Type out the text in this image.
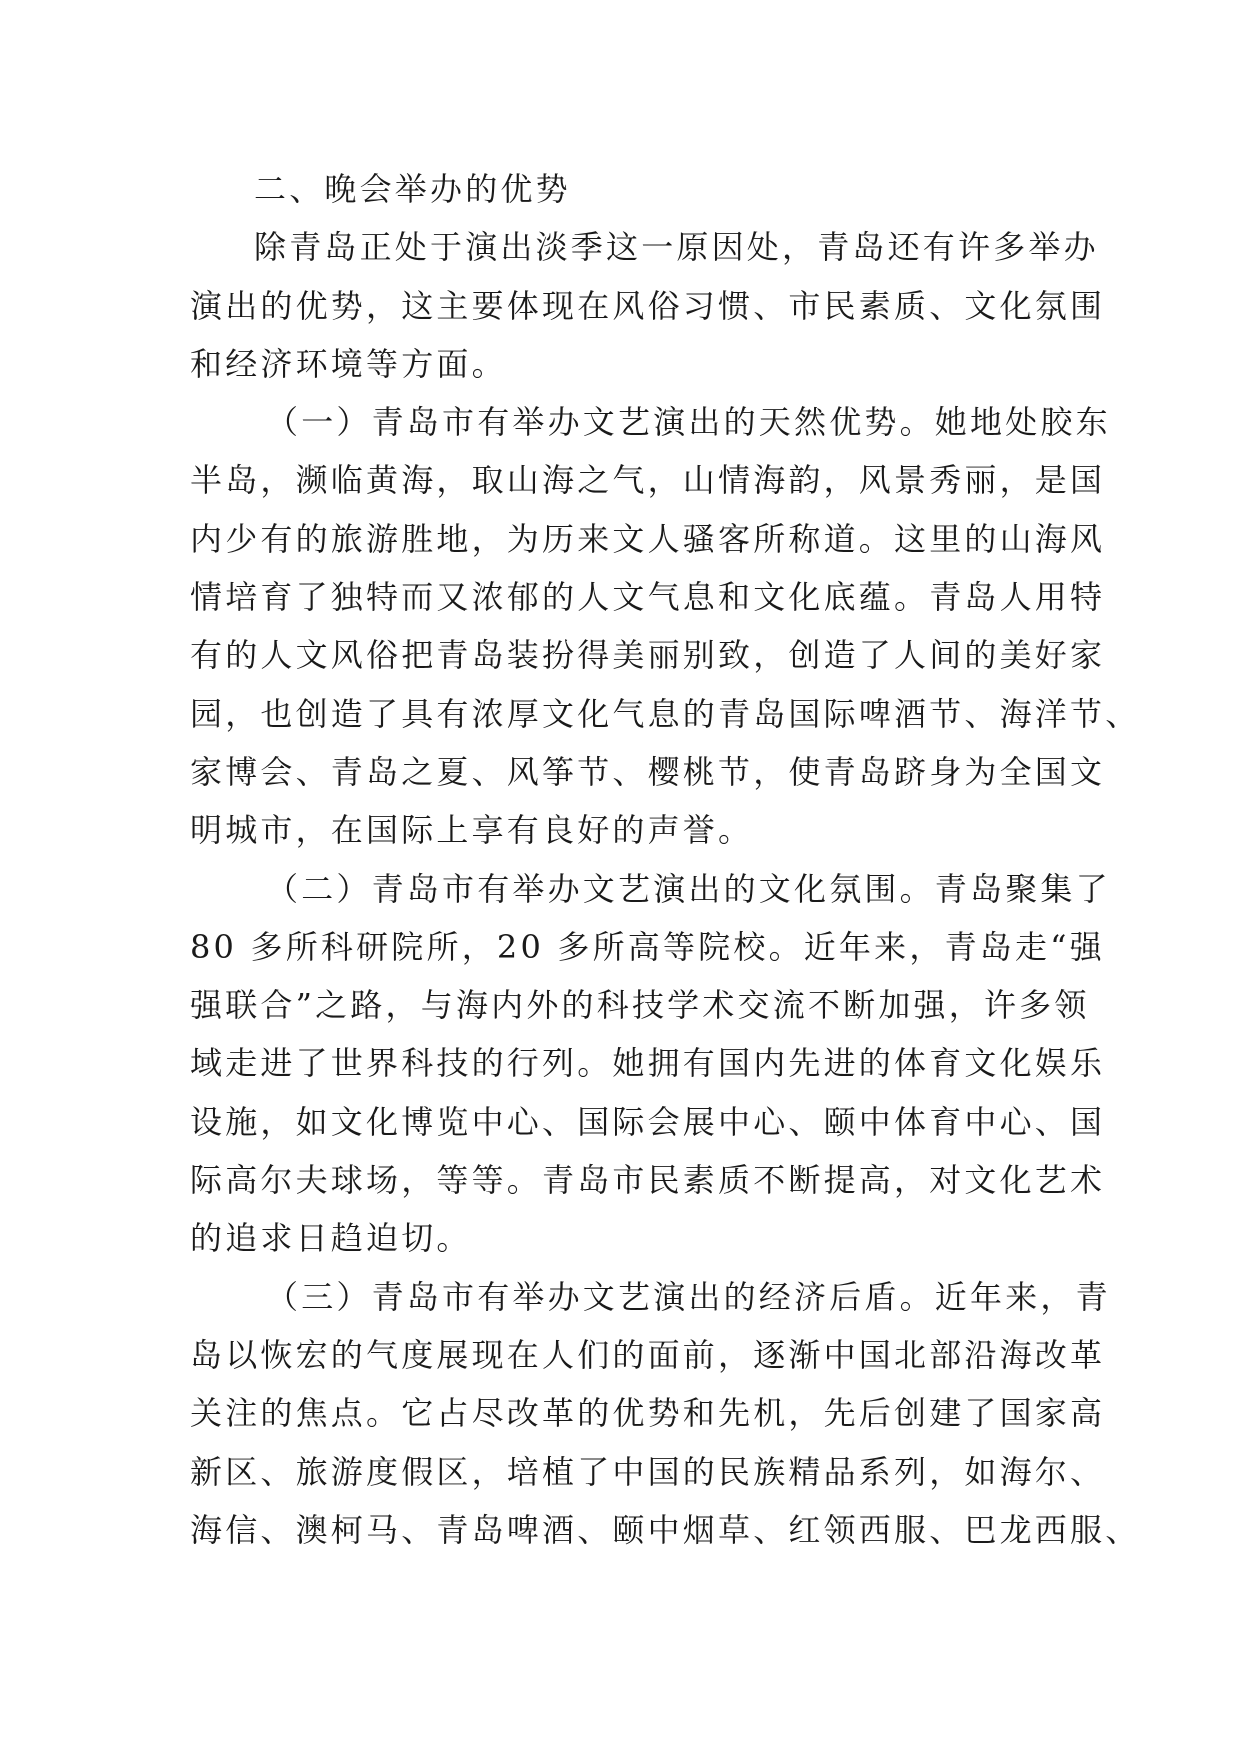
二、晚会举办的优势
除青岛正处于演出淡季这一原因处，青岛还有许多举办
演出的优势，这主要体现在风俗习惯、市民素质、文化氛围
和经济环境等方面。
（一）青岛市有举办文艺演出的天然优势。她地处胶东
半岛，濒临黄海，取山海之气，山情海韵，风景秀丽，是国
内少有的旅游胜地，为历来文人骚客所称道。这里的山海风
情培育了独特而又浓郁的人文气息和文化底蕴。青岛人用特
有的人文风俗把青岛装扮得美丽别致，创造了人间的美好家
园，也创造了具有浓厚文化气息的青岛国际啤酒节、海洋节、
家博会、青岛之夏、风筝节、樱桃节，使青岛跻身为全国文
明城市，在国际上享有良好的声誉。
（二）青岛市有举办文艺演出的文化氛围。青岛聚集了
80 多所科研院所，20 多所高等院校。近年来，青岛走“强
强联合”之路，与海内外的科技学术交流不断加强，许多领
域走进了世界科技的行列。她拥有国内先进的体育文化娱乐
设施，如文化博览中心、国际会展中心、颐中体育中心、国
际高尔夫球场，等等。青岛市民素质不断提高，对文化艺术
的追求日趋迫切。
（三）青岛市有举办文艺演出的经济后盾。近年来，青
岛以恢宏的气度展现在人们的面前，逐渐中国北部沿海改革
关注的焦点。它占尽改革的优势和先机，先后创建了国家高
新区、旅游度假区，培植了中国的民族精品系列，如海尔、
海信、澳柯马、青岛啤酒、颐中烟草、红领西服、巴龙西服、
